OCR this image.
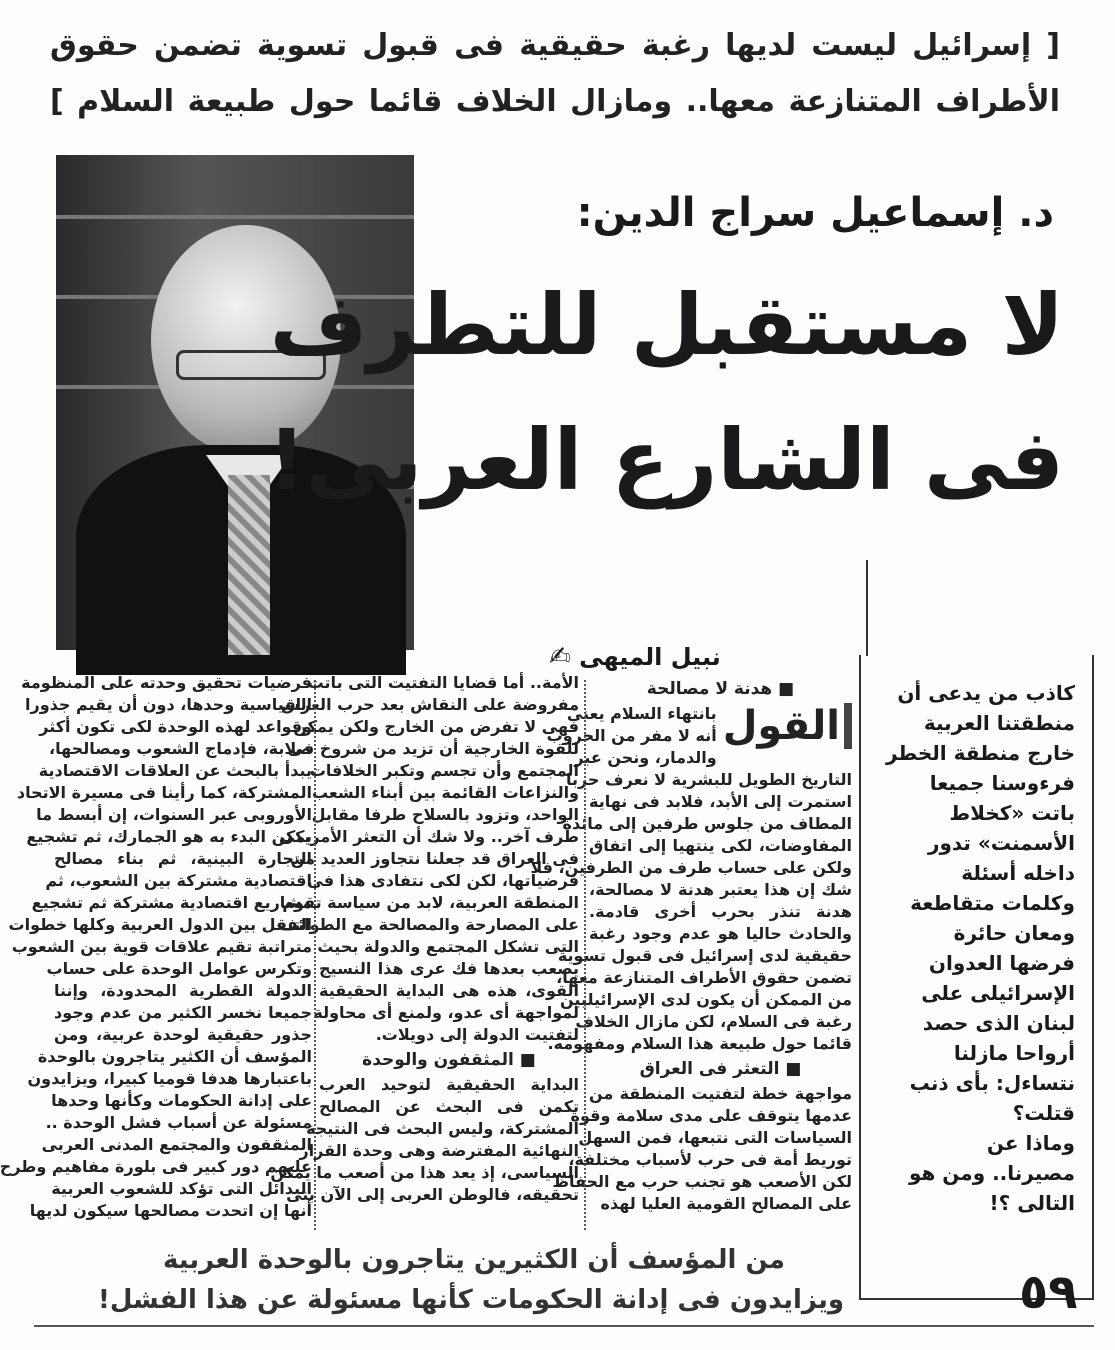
[ إسرائيل ليست لديها رغبة حقيقية فى قبول تسوية تضمن حقوق
الأطراف المتنازعة معها.. ومازال الخلاف قائما حول طبيعة السلام ]
د. إسماعيل سراج الدين:
لا مستقبل للتطرف
فى الشارع العربى!
نبيل الميهى ✍
■ هدنة لا مصالحة
القول
بانتهاء السلام يعنى
أنه لا مفر من الحروب
والدمار، ونحن عبر
التاريخ الطويل للبشرية لا نعرف حربا
استمرت إلى الأبد، فلابد فى نهاية
المطاف من جلوس طرفين إلى مائدة
المفاوضات، لكى ينتهيا إلى اتفاق
ولكن على حساب طرف من الطرفين، فلا
شك إن هذا يعتبر هدنة لا مصالحة،
هدنة تنذر بحرب أخرى قادمة.
والحادث حاليا هو عدم وجود رغبة
حقيقية لدى إسرائيل فى قبول تسوية
تضمن حقوق الأطراف المتنازعة معها،
من الممكن أن يكون لدى الإسرائيليين
رغبة فى السلام، لكن مازال الخلاف
قائما حول طبيعة هذا السلام ومفهومه.
■ التعثر فى العراق
مواجهة خطة لتفتيت المنطقة من
عدمها يتوقف على مدى سلامة وقوة
السياسات التى نتبعها، فمن السهل
توريط أمة فى حرب لأسباب مختلفة،
لكن الأصعب هو تجنب حرب مع الحفاظ
على المصالح القومية العليا لهذه
الأمة.. أما قضايا التفتيت التى باتت
مفروضة على النقاش بعد حرب العراق
فهى لا تفرض من الخارج ولكن يمكن
للقوة الخارجية أن تزيد من شروخ فى
المجتمع وأن تجسم وتكبر الخلافات
والنزاعات القائمة بين أبناء الشعب
الواحد، وتزود بالسلاح طرفا مقابل
طرف آخر.. ولا شك أن التعثر الأمريكى
فى العراق قد جعلنا نتجاوز العديد من
فرضياتها، لكن لكى نتفادى هذا فى
المنطقة العربية، لابد من سياسة تقوم
على المصارحة والمصالحة مع الطوائف
التى تشكل المجتمع والدولة بحيث
يصعب بعدها فك عرى هذا النسيج
القوى، هذه هى البداية الحقيقية
لمواجهة أى عدو، ولمنع أى محاولة
لتفتيت الدولة إلى دويلات.
■ المثقفون والوحدة
البداية الحقيقية لتوحيد العرب
تكمن فى البحث عن المصالح
المشتركة، وليس البحث فى النتيجة
النهائية المفترضة وهى وحدة القرار
السياسى، إذ يعد هذا من أصعب ما يمكن
تحقيقه، فالوطن العربى إلى الآن بنى
فرضيات تحقيق وحدته على المنظومة
السياسية وحدها، دون أن يقيم جذورا
وقواعد لهذه الوحدة لكى تكون أكثر
صلابة، فإدماج الشعوب ومصالحها،
يبدأ بالبحث عن العلاقات الاقتصادية
المشتركة، كما رأينا فى مسيرة الاتحاد
الأوروبى عبر السنوات، إن أبسط ما
يمكن البدء به هو الجمارك، ثم تشجيع
التجارة البينية، ثم بناء مصالح
اقتصادية مشتركة بين الشعوب، ثم
مشاريع اقتصادية مشتركة ثم تشجيع
التنقل بين الدول العربية وكلها خطوات
متراتبة تقيم علاقات قوية بين الشعوب
وتكرس عوامل الوحدة على حساب
الدولة القطرية المحدودة، وإننا
جميعا نخسر الكثير من عدم وجود
جذور حقيقية لوحدة عربية، ومن
المؤسف أن الكثير يتاجرون بالوحدة
باعتبارها هدفا قوميا كبيرا، ويزايدون
على إدانة الحكومات وكأنها وحدها
مسئولة عن أسباب فشل الوحدة ..
المثقفون والمجتمع المدنى العربى
عليهم دور كبير فى بلورة مفاهيم وطرح
البدائل التى تؤكد للشعوب العربية
أنها إن اتحدت مصالحها سيكون لديها
كاذب من يدعى أن
منطقتنا العربية
خارج منطقة الخطر
فرءوسنا جميعا
باتت «كخلاط
الأسمنت» تدور
داخله أسئلة
وكلمات متقاطعة
ومعان حائرة
فرضها العدوان
الإسرائيلى على
لبنان الذى حصد
أرواحا مازلنا
نتساءل: بأى ذنب
قتلت؟
وماذا عن
مصيرنا.. ومن هو
التالى ؟!
من المؤسف أن الكثيرين يتاجرون بالوحدة العربية
ويزايدون فى إدانة الحكومات كأنها مسئولة عن هذا الفشل!	٥٩
